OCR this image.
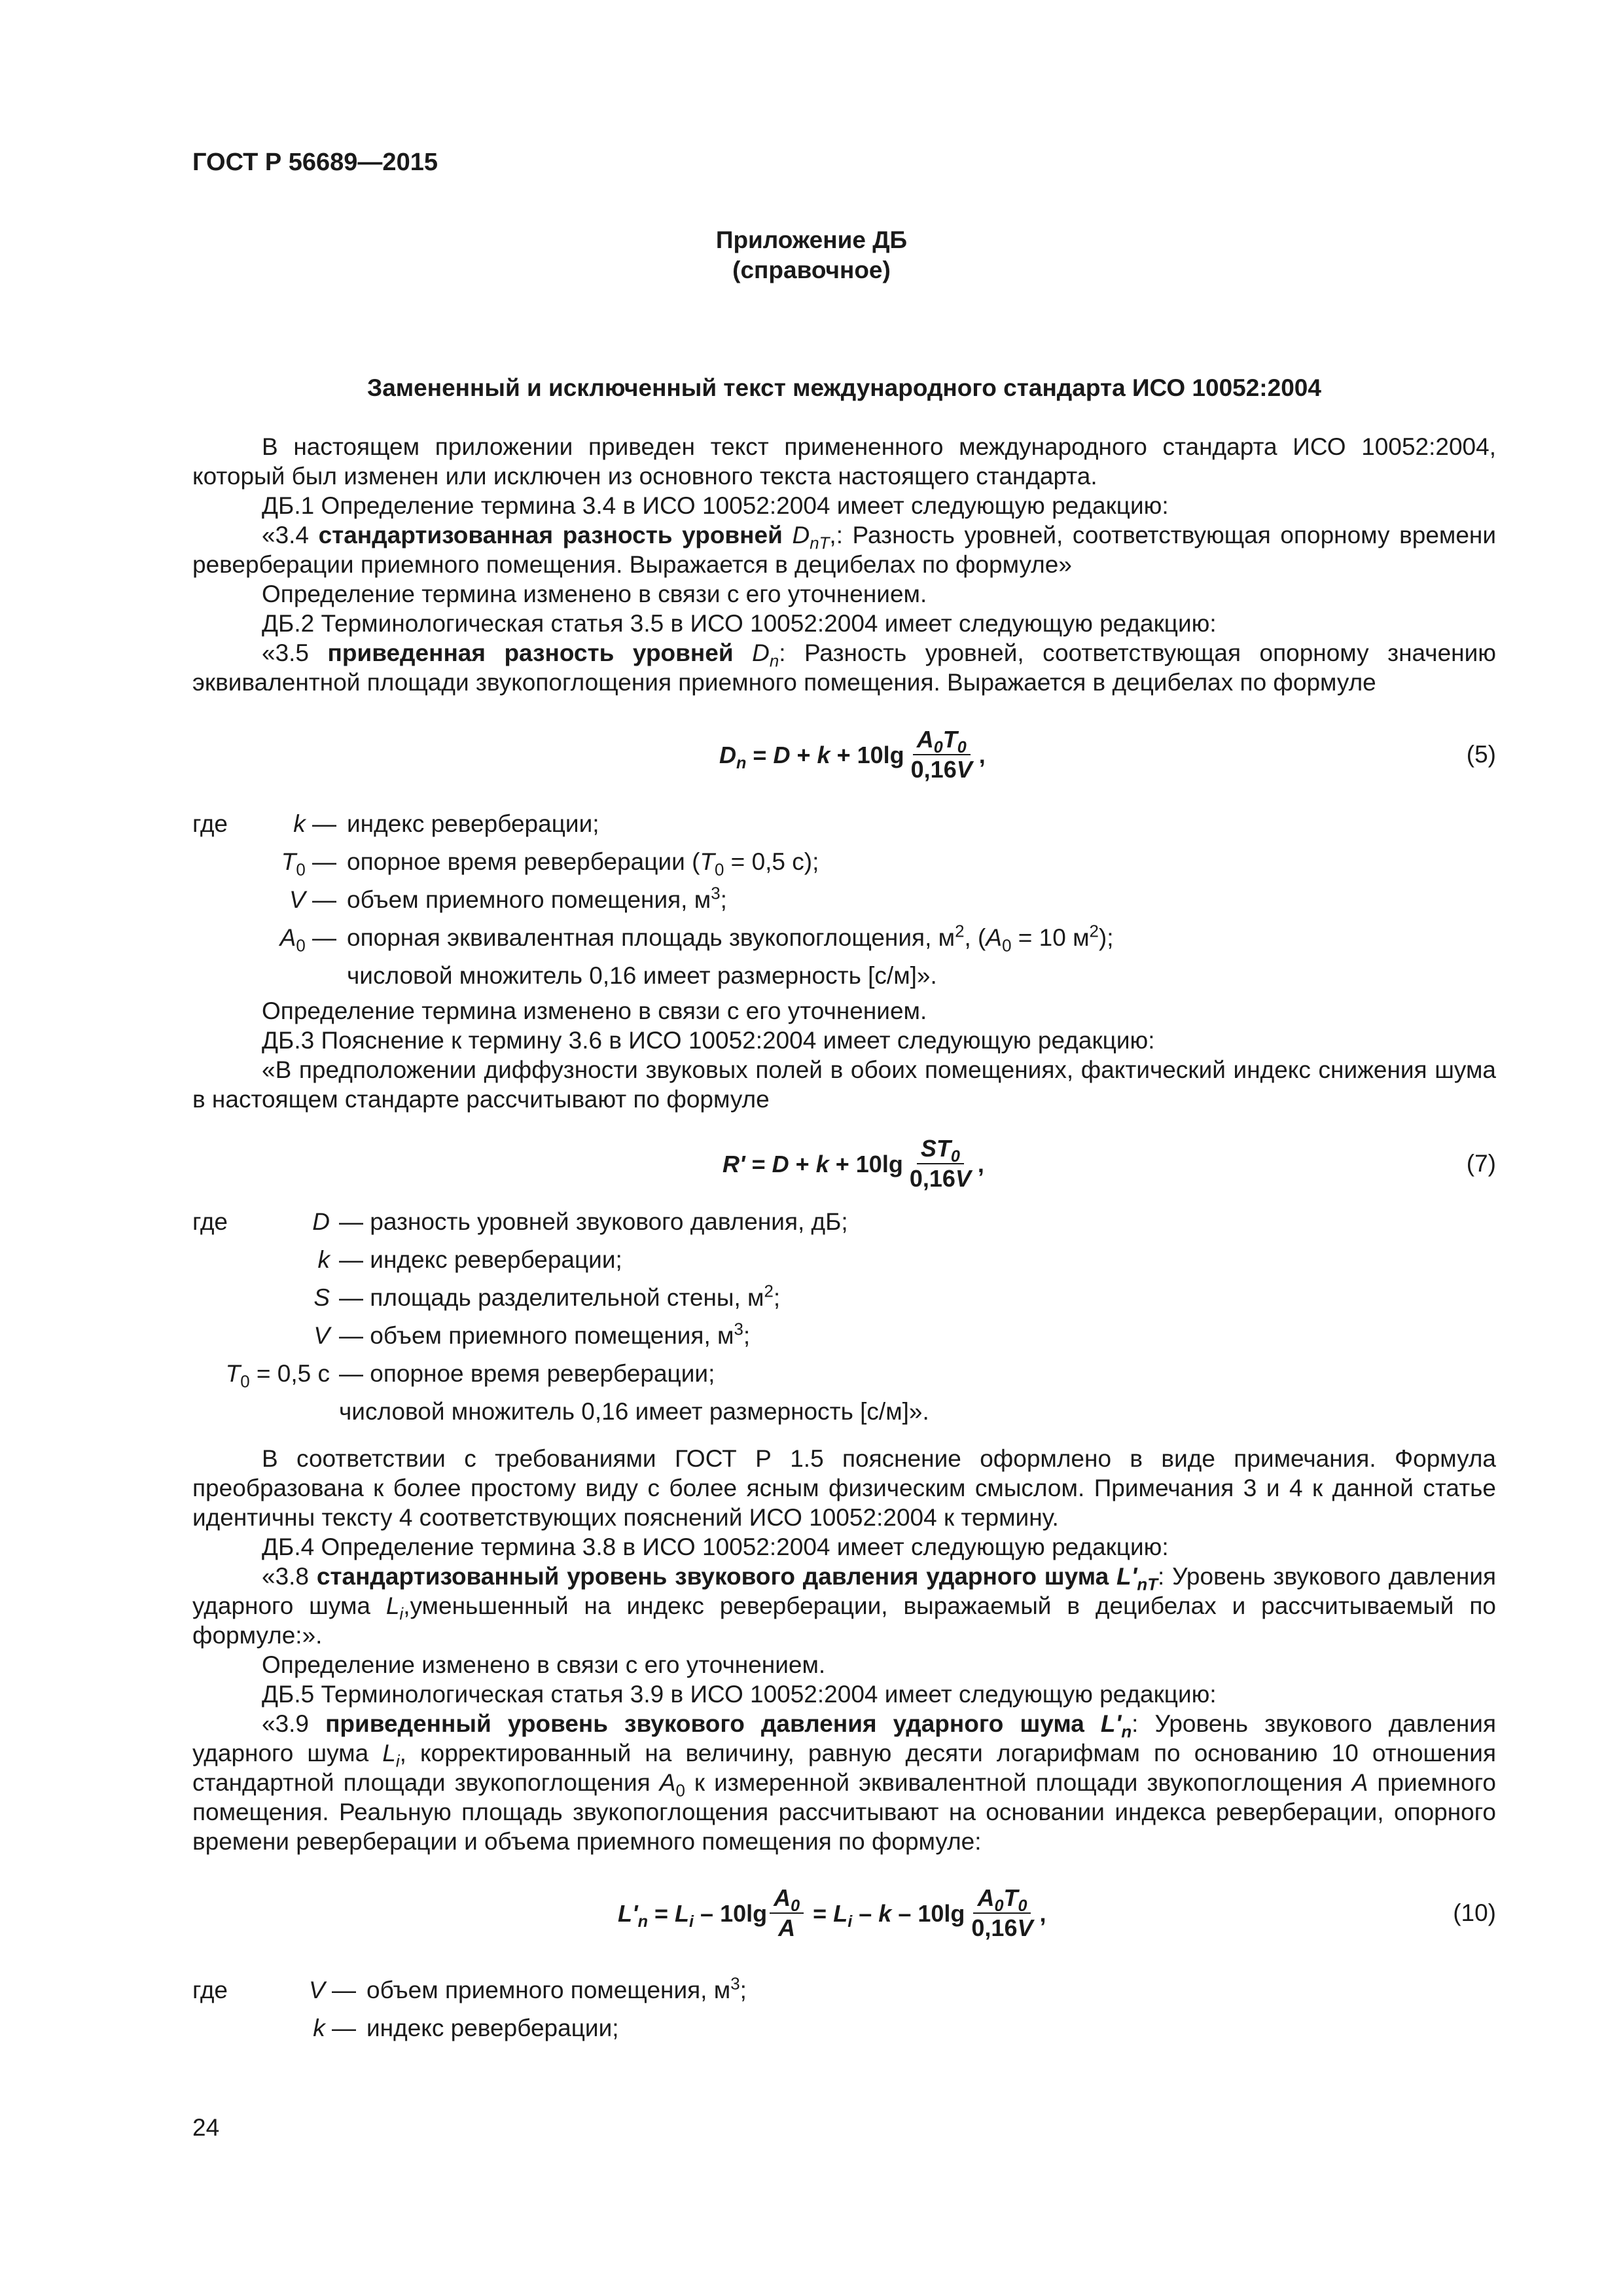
ГОСТ Р 56689—2015
Приложение ДБ
(справочное)
Замененный и исключенный текст международного стандарта ИСО 10052:2004

В настоящем приложении приведен текст примененного международного стандарта ИСО 10052:2004, который был изменен или исключен из основного текста настоящего стандарта.

ДБ.1 Определение термина 3.4 в ИСО 10052:2004 имеет следующую редакцию:

«3.4 стандартизованная разность уровней $D_{nT}$,: Разность уровней, соответствующая опорному времени реверберации приемного помещения. Выражается в децибелах по формуле»

Определение термина изменено в связи с его уточнением.

ДБ.2 Терминологическая статья 3.5 в ИСО 10052:2004 имеет следующую редакцию:

«3.5 приведенная разность уровней $D_n$: Разность уровней, соответствующая опорному значению эквивалентной площади звукопоглощения приемного помещения. Выражается в децибелах по формуле

$D_n$
=
D
+
k
+
$10\lg \frac{A_0T_0}{0,16V}$ ,	(5)
где	k — индекс реверберации;
$T_0$ — опорное время реверберации ($T_0 = 0,5$ с);
V — объем приемного помещения, $м^3$;
$A_0$ — опорная эквивалентная площадь звукопоглощения, $м^2$, ($A_0 = 10$ $м^2$);
числовой множитель 0,16 имеет размерность [с/м]».

Определение термина изменено в связи с его уточнением.

ДБ.3 Пояснение к термину 3.6 в ИСО 10052:2004 имеет следующую редакцию:

«В предположении диффузности звуковых полей в обоих помещениях, фактический индекс снижения шума в настоящем стандарте рассчитывают по формуле

R'
=
D
+
k
+
$10\lg \frac{ST_0}{0,16V}$ ,	(7)
где	D — разность уровней звукового давления, дБ;
k — индекс реверберации;
S — площадь разделительной стены, $м^2$;
V — объем приемного помещения, $м^3$;
$T_0 = 0,5$ с — опорное время реверберации;
числовой множитель 0,16 имеет размерность [с/м]».

В соответствии с требованиями ГОСТ Р 1.5 пояснение оформлено в виде примечания. Формула преобразована к более простому виду с более ясным физическим смыслом. Примечания 3 и 4 к данной статье идентичны тексту 4 соответствующих пояснений ИСО 10052:2004 к термину.

ДБ.4 Определение термина 3.8 в ИСО 10052:2004 имеет следующую редакцию:

«3.8 стандартизованный уровень звукового давления ударного шума $L'_{nT}$: Уровень звукового давления ударного шума $L_i,уменьшенный$ на индекс реверберации, выражаемый в децибелах и рассчитываемый по формуле:».

Определение изменено в связи с его уточнением.

ДБ.5 Терминологическая статья 3.9 в ИСО 10052:2004 имеет следующую редакцию:

«3.9 приведенный уровень звукового давления ударного шума $L'_n$: Уровень звукового давления ударного шума $L_i$, корректированный на величину, равную десяти логарифмам по основанию 10 отношения стандартной площади звукопоглощения $A_0$ к измеренной эквивалентной площади звукопоглощения A приемного помещения. Реальную площадь звукопоглощения рассчитывают на основании индекса реверберации, опорного времени реверберации и объема приемного помещения по формуле:

$L'_n$
=
$L_i$
–
$10\lg \frac{A_0}{A}$
=
$L_i$
–
k
–
$10\lg \frac{A_0T_0}{0,16V}$ ,	(10)
где	V — объем приемного помещения, $м^3$;
k — индекс реверберации;
24
